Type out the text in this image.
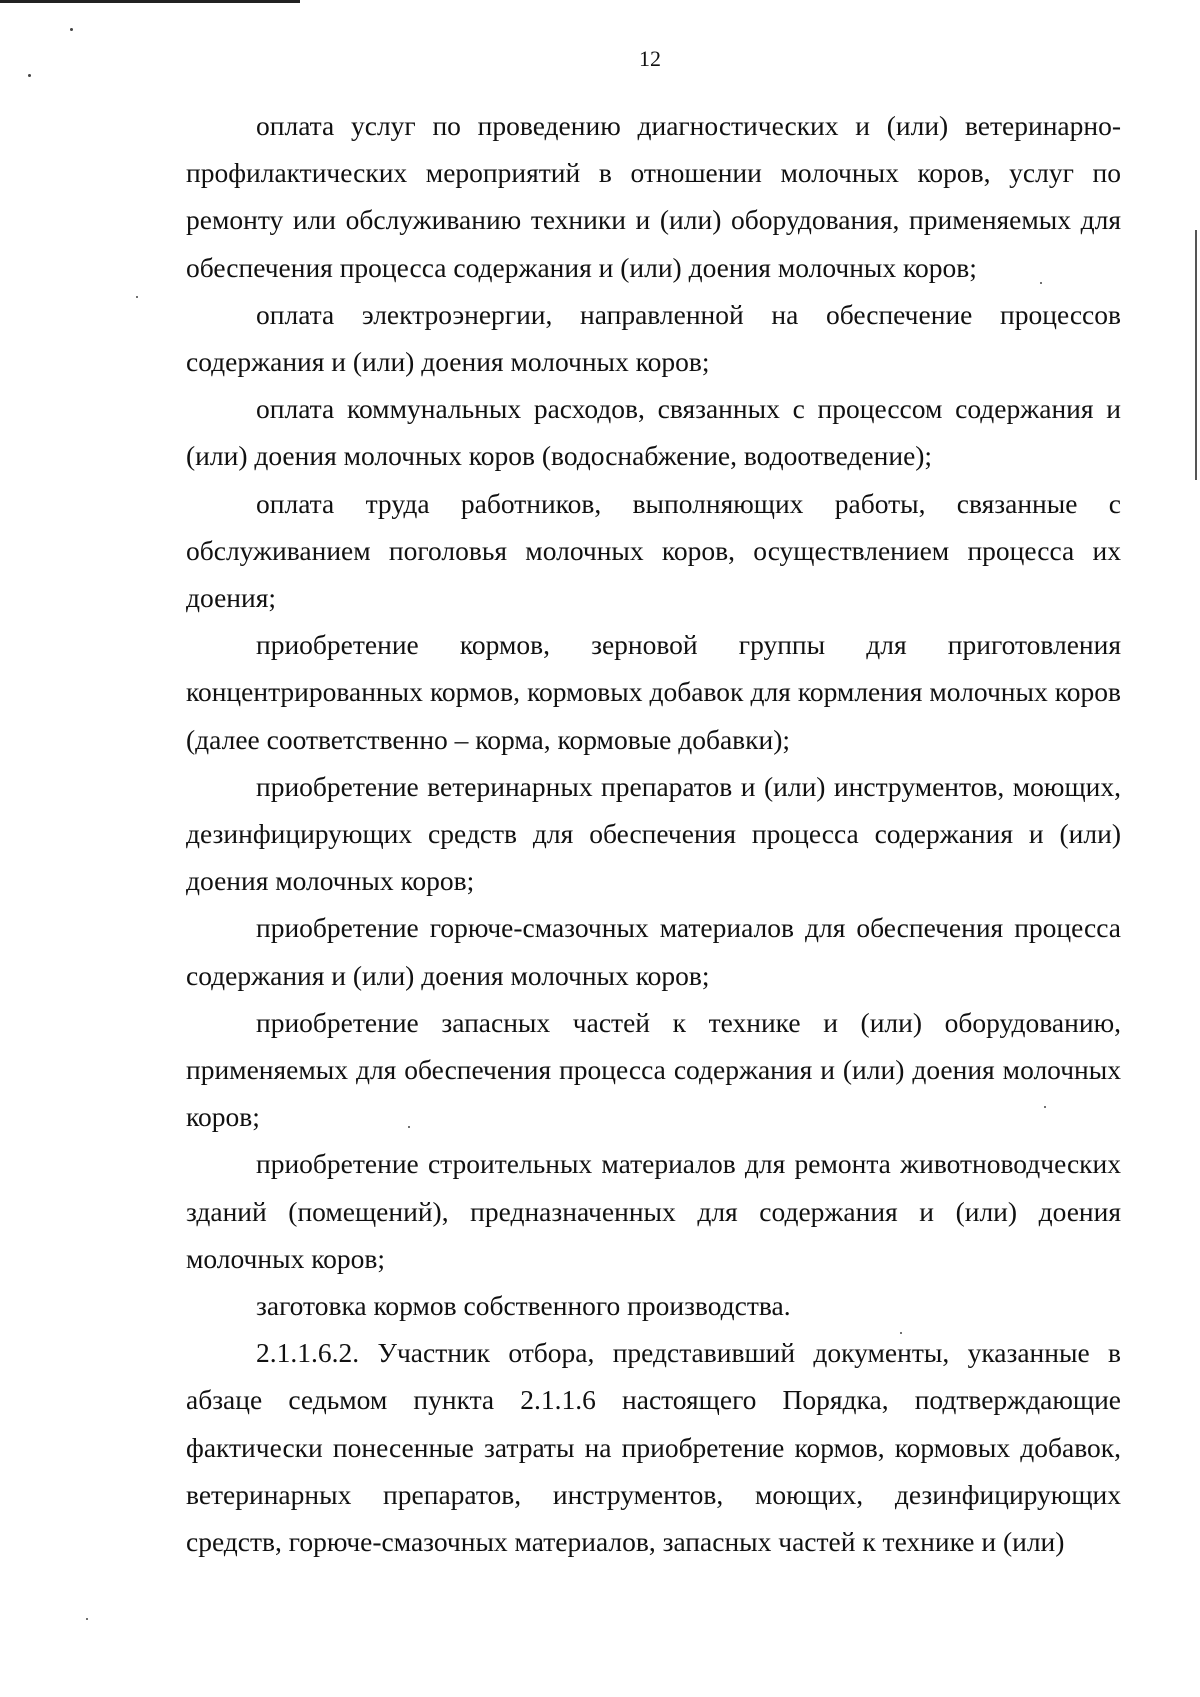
12

оплата услуг по проведению диагностических и (или) ветеринарно-профилактических мероприятий в отношении молочных коров, услуг по ремонту или обслуживанию техники и (или) оборудования, применяемых для обеспечения процесса содержания и (или) доения молочных коров;

оплата электроэнергии, направленной на обеспечение процессов содержания и (или) доения молочных коров;

оплата коммунальных расходов, связанных с процессом содержания и (или) доения молочных коров (водоснабжение, водоотведение);

оплата труда работников, выполняющих работы, связанные с обслуживанием поголовья молочных коров, осуществлением процесса их доения;

приобретение кормов, зерновой группы для приготовления концентрированных кормов, кормовых добавок для кормления молочных коров (далее соответственно – корма, кормовые добавки);

приобретение ветеринарных препаратов и (или) инструментов, моющих, дезинфицирующих средств для обеспечения процесса содержания и (или) доения молочных коров;

приобретение горюче-смазочных материалов для обеспечения процесса содержания и (или) доения молочных коров;

приобретение запасных частей к технике и (или) оборудованию, применяемых для обеспечения процесса содержания и (или) доения молочных коров;

приобретение строительных материалов для ремонта животноводческих зданий (помещений), предназначенных для содержания и (или) доения молочных коров;

заготовка кормов собственного производства.

2.1.1.6.2. Участник отбора, представивший документы, указанные в абзаце седьмом пункта 2.1.1.6 настоящего Порядка, подтверждающие фактически понесенные затраты на приобретение кормов, кормовых добавок, ветеринарных препаратов, инструментов, моющих, дезинфицирующих средств, горюче-смазочных материалов, запасных частей к технике и (или)
